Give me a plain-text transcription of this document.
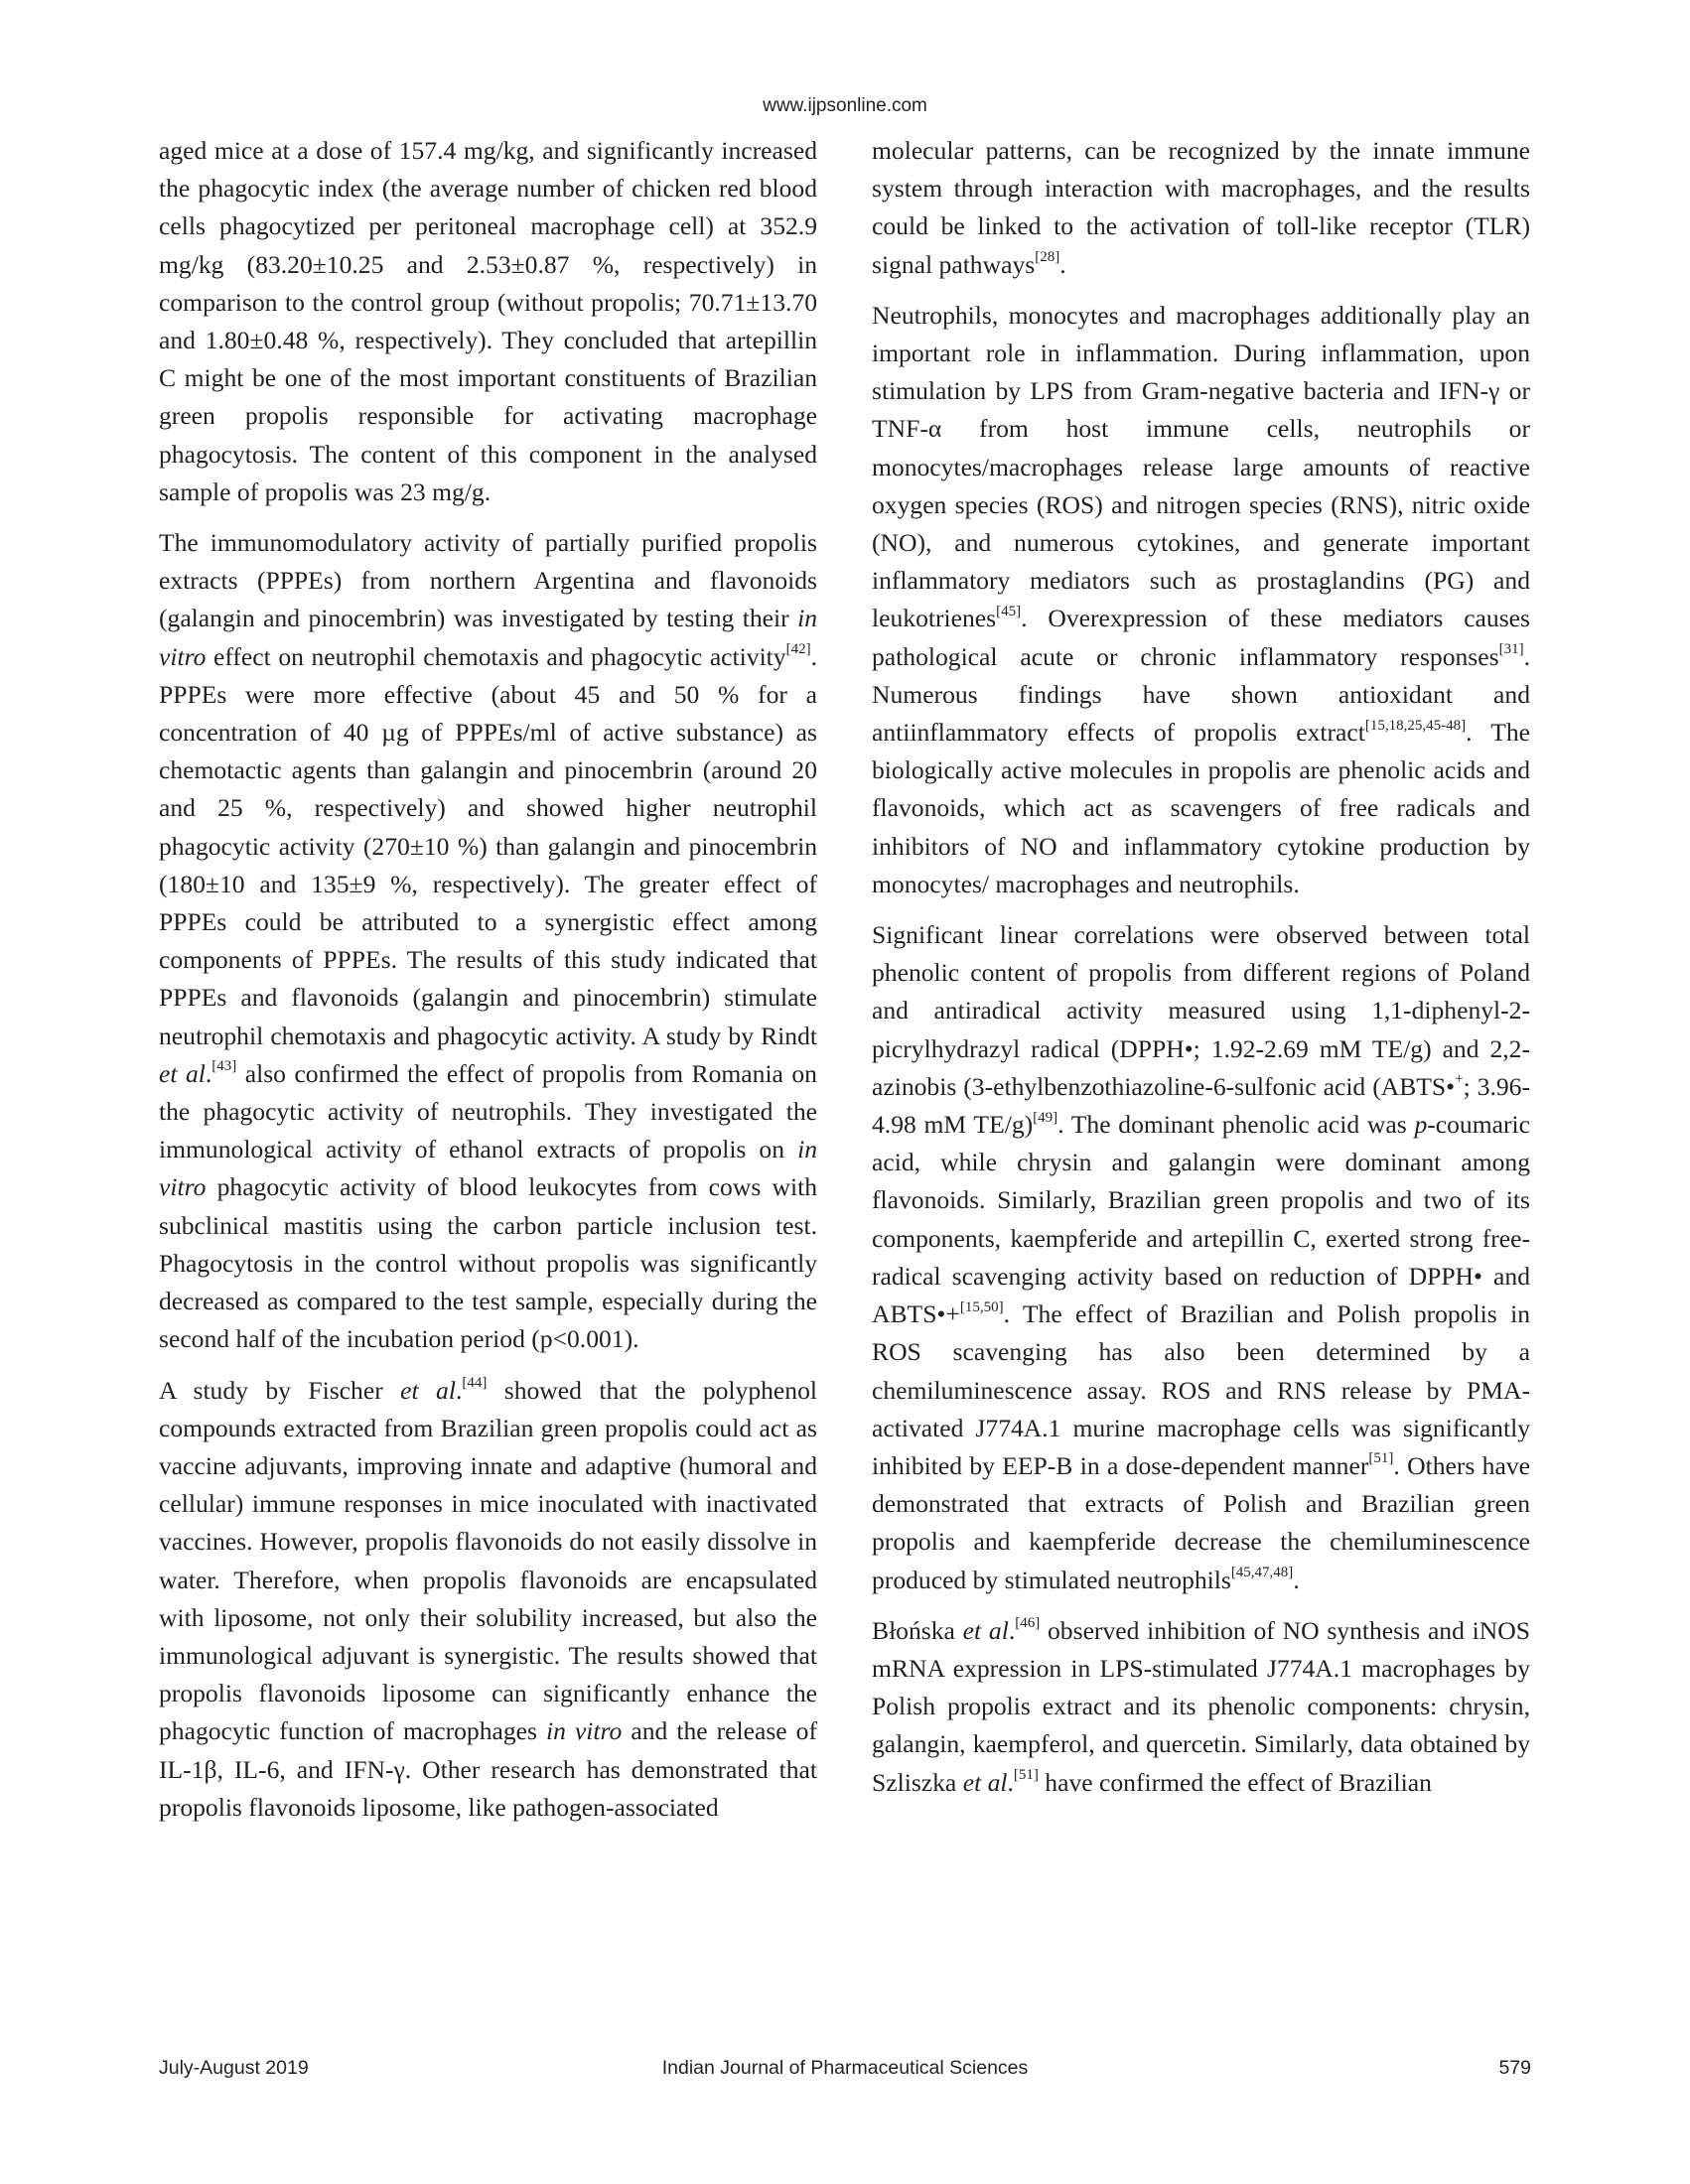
www.ijpsonline.com

aged mice at a dose of 157.4 mg/kg, and significantly increased the phagocytic index (the average number of chicken red blood cells phagocytized per peritoneal macrophage cell) at 352.9 mg/kg (83.20±10.25 and 2.53±0.87 %, respectively) in comparison to the control group (without propolis; 70.71±13.70 and 1.80±0.48 %, respectively). They concluded that artepillin C might be one of the most important constituents of Brazilian green propolis responsible for activating macrophage phagocytosis. The content of this component in the analysed sample of propolis was 23 mg/g.

The immunomodulatory activity of partially purified propolis extracts (PPPEs) from northern Argentina and flavonoids (galangin and pinocembrin) was investigated by testing their in vitro effect on neutrophil chemotaxis and phagocytic activity[42]. PPPEs were more effective (about 45 and 50 % for a concentration of 40 µg of PPPEs/ml of active substance) as chemotactic agents than galangin and pinocembrin (around 20 and 25 %, respectively) and showed higher neutrophil phagocytic activity (270±10 %) than galangin and pinocembrin (180±10 and 135±9 %, respectively). The greater effect of PPPEs could be attributed to a synergistic effect among components of PPPEs. The results of this study indicated that PPPEs and flavonoids (galangin and pinocembrin) stimulate neutrophil chemotaxis and phagocytic activity. A study by Rindt et al.[43] also confirmed the effect of propolis from Romania on the phagocytic activity of neutrophils. They investigated the immunological activity of ethanol extracts of propolis on in vitro phagocytic activity of blood leukocytes from cows with subclinical mastitis using the carbon particle inclusion test. Phagocytosis in the control without propolis was significantly decreased as compared to the test sample, especially during the second half of the incubation period (p<0.001).

A study by Fischer et al.[44] showed that the polyphenol compounds extracted from Brazilian green propolis could act as vaccine adjuvants, improving innate and adaptive (humoral and cellular) immune responses in mice inoculated with inactivated vaccines. However, propolis flavonoids do not easily dissolve in water. Therefore, when propolis flavonoids are encapsulated with liposome, not only their solubility increased, but also the immunological adjuvant is synergistic. The results showed that propolis flavonoids liposome can significantly enhance the phagocytic function of macrophages in vitro and the release of IL-1β, IL-6, and IFN-γ. Other research has demonstrated that propolis flavonoids liposome, like pathogen-associated

molecular patterns, can be recognized by the innate immune system through interaction with macrophages, and the results could be linked to the activation of toll-like receptor (TLR) signal pathways[28].

Neutrophils, monocytes and macrophages additionally play an important role in inflammation. During inflammation, upon stimulation by LPS from Gram-negative bacteria and IFN-γ or TNF-α from host immune cells, neutrophils or monocytes/macrophages release large amounts of reactive oxygen species (ROS) and nitrogen species (RNS), nitric oxide (NO), and numerous cytokines, and generate important inflammatory mediators such as prostaglandins (PG) and leukotrienes[45]. Overexpression of these mediators causes pathological acute or chronic inflammatory responses[31]. Numerous findings have shown antioxidant and antiinflammatory effects of propolis extract[15,18,25,45-48]. The biologically active molecules in propolis are phenolic acids and flavonoids, which act as scavengers of free radicals and inhibitors of NO and inflammatory cytokine production by monocytes/ macrophages and neutrophils.

Significant linear correlations were observed between total phenolic content of propolis from different regions of Poland and antiradical activity measured using 1,1-diphenyl-2-picrylhydrazyl radical (DPPH•; 1.92-2.69 mM TE/g) and 2,2-azinobis (3-ethylbenzothiazoline-6-sulfonic acid (ABTS•+; 3.96-4.98 mM TE/g)[49]. The dominant phenolic acid was p-coumaric acid, while chrysin and galangin were dominant among flavonoids. Similarly, Brazilian green propolis and two of its components, kaempferide and artepillin C, exerted strong free-radical scavenging activity based on reduction of DPPH• and ABTS•+[15,50]. The effect of Brazilian and Polish propolis in ROS scavenging has also been determined by a chemiluminescence assay. ROS and RNS release by PMA-activated J774A.1 murine macrophage cells was significantly inhibited by EEP-B in a dose-dependent manner[51]. Others have demonstrated that extracts of Polish and Brazilian green propolis and kaempferide decrease the chemiluminescence produced by stimulated neutrophils[45,47,48].

Błońska et al.[46] observed inhibition of NO synthesis and iNOS mRNA expression in LPS-stimulated J774A.1 macrophages by Polish propolis extract and its phenolic components: chrysin, galangin, kaempferol, and quercetin. Similarly, data obtained by Szliszka et al.[51] have confirmed the effect of Brazilian

July-August 2019	Indian Journal of Pharmaceutical Sciences	579
